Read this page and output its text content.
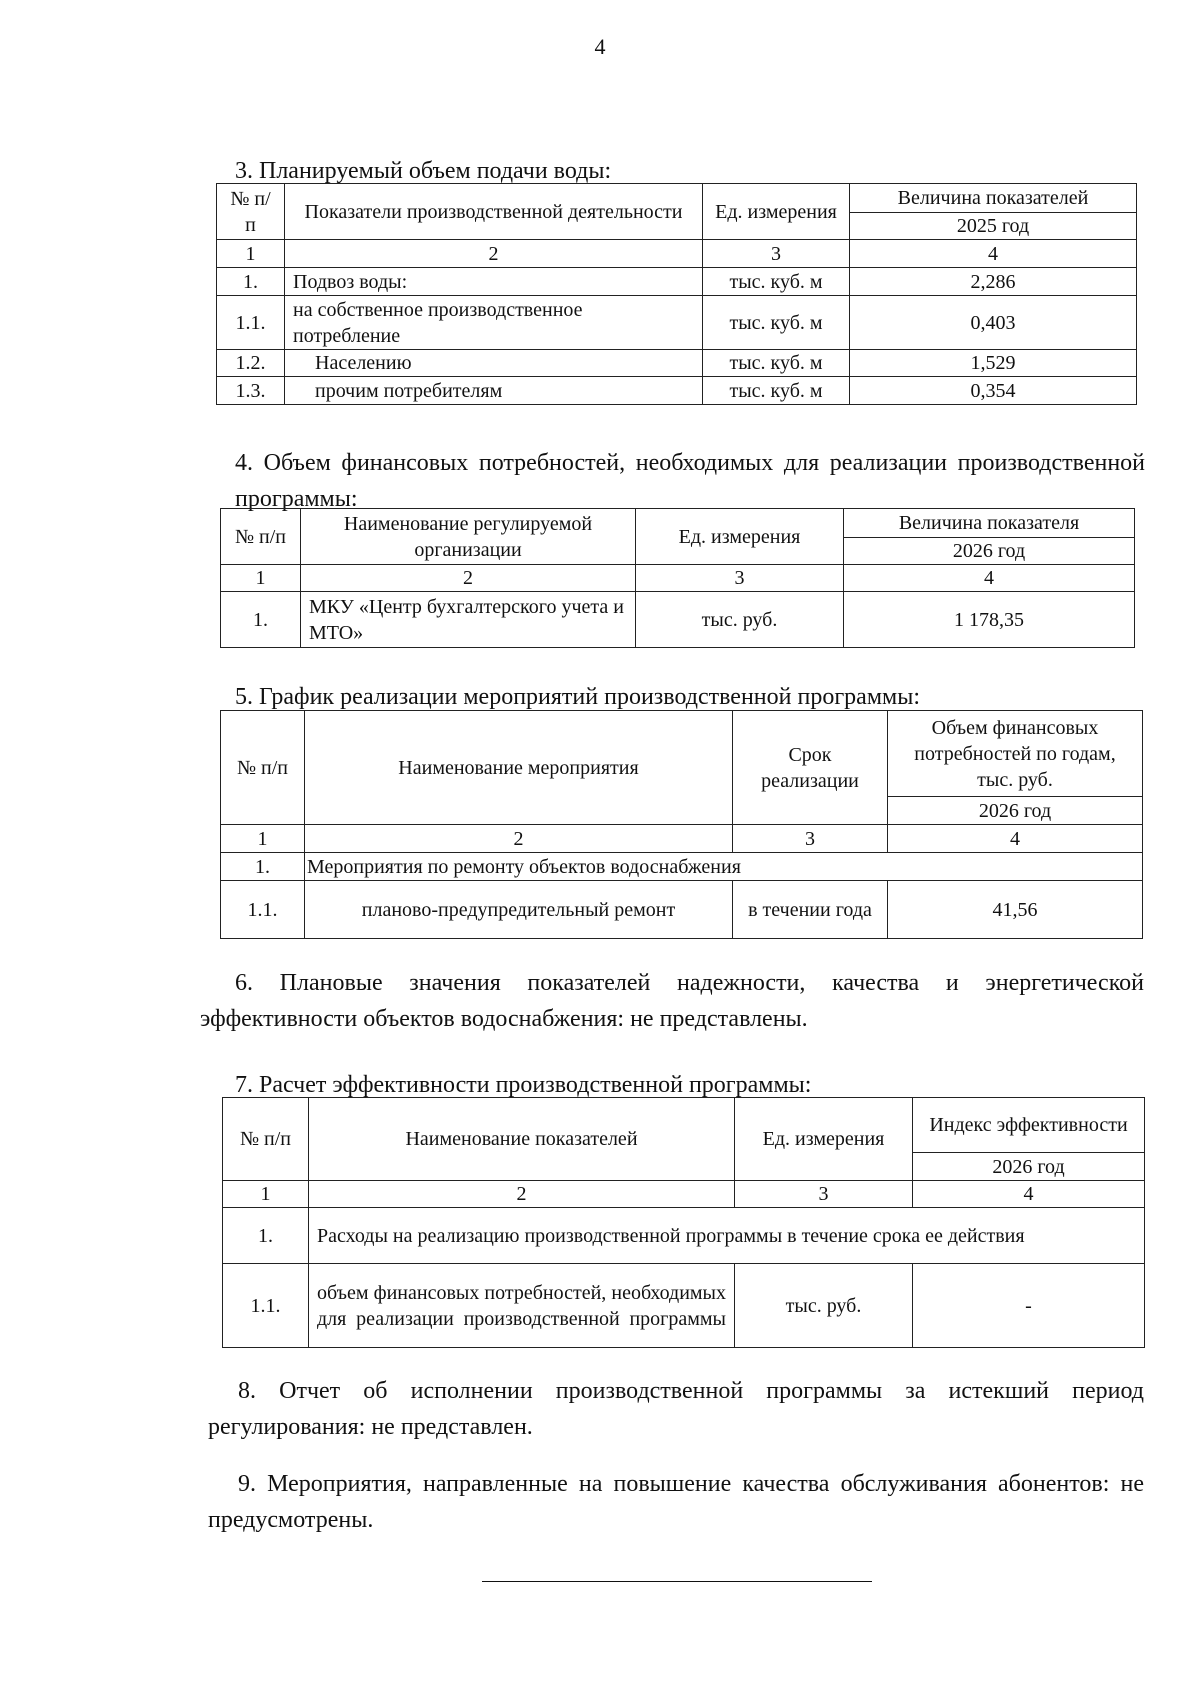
4
3. Планируемый объем подачи воды:
№ п/п	Показатели производственной деятельности	Ед. измерения	Величина показателей
			2025 год
1	2	3	4
1.	Подвоз воды:	тыс. куб. м	2,286
1.1.	на собственное производственное потребление	тыс. куб. м	0,403
1.2.	Населению	тыс. куб. м	1,529
1.3.	прочим потребителям	тыс. куб. м	0,354
4. Объем финансовых потребностей, необходимых для реализации производственной программы:
№ п/п	Наименование регулируемой организации	Ед. измерения	Величина показателя
			2026 год
1	2	3	4
1.	МКУ «Центр бухгалтерского учета и МТО»	тыс. руб.	1 178,35
5. График реализации мероприятий производственной программы:
№ п/п	Наименование мероприятия	Срок реализации	Объем финансовых потребностей по годам, тыс. руб.
			2026 год
1	2	3	4
1.	Мероприятия по ремонту объектов водоснабжения		
1.1.	планово-предупредительный ремонт	в течении года	41,56
6. Плановые значения показателей надежности, качества и энергетической эффективности объектов водоснабжения: не представлены.
7. Расчет эффективности производственной программы:
№ п/п	Наименование показателей	Ед. измерения	Индекс эффективности
			2026 год
1	2	3	4
1.	Расходы на реализацию производственной программы в течение срока ее действия		
1.1.	объем финансовых потребностей, необходимых для реализации производственной программы	тыс. руб.	-
8. Отчет об исполнении производственной программы за истекший период регулирования: не представлен.
9. Мероприятия, направленные на повышение качества обслуживания абонентов: не предусмотрены.
